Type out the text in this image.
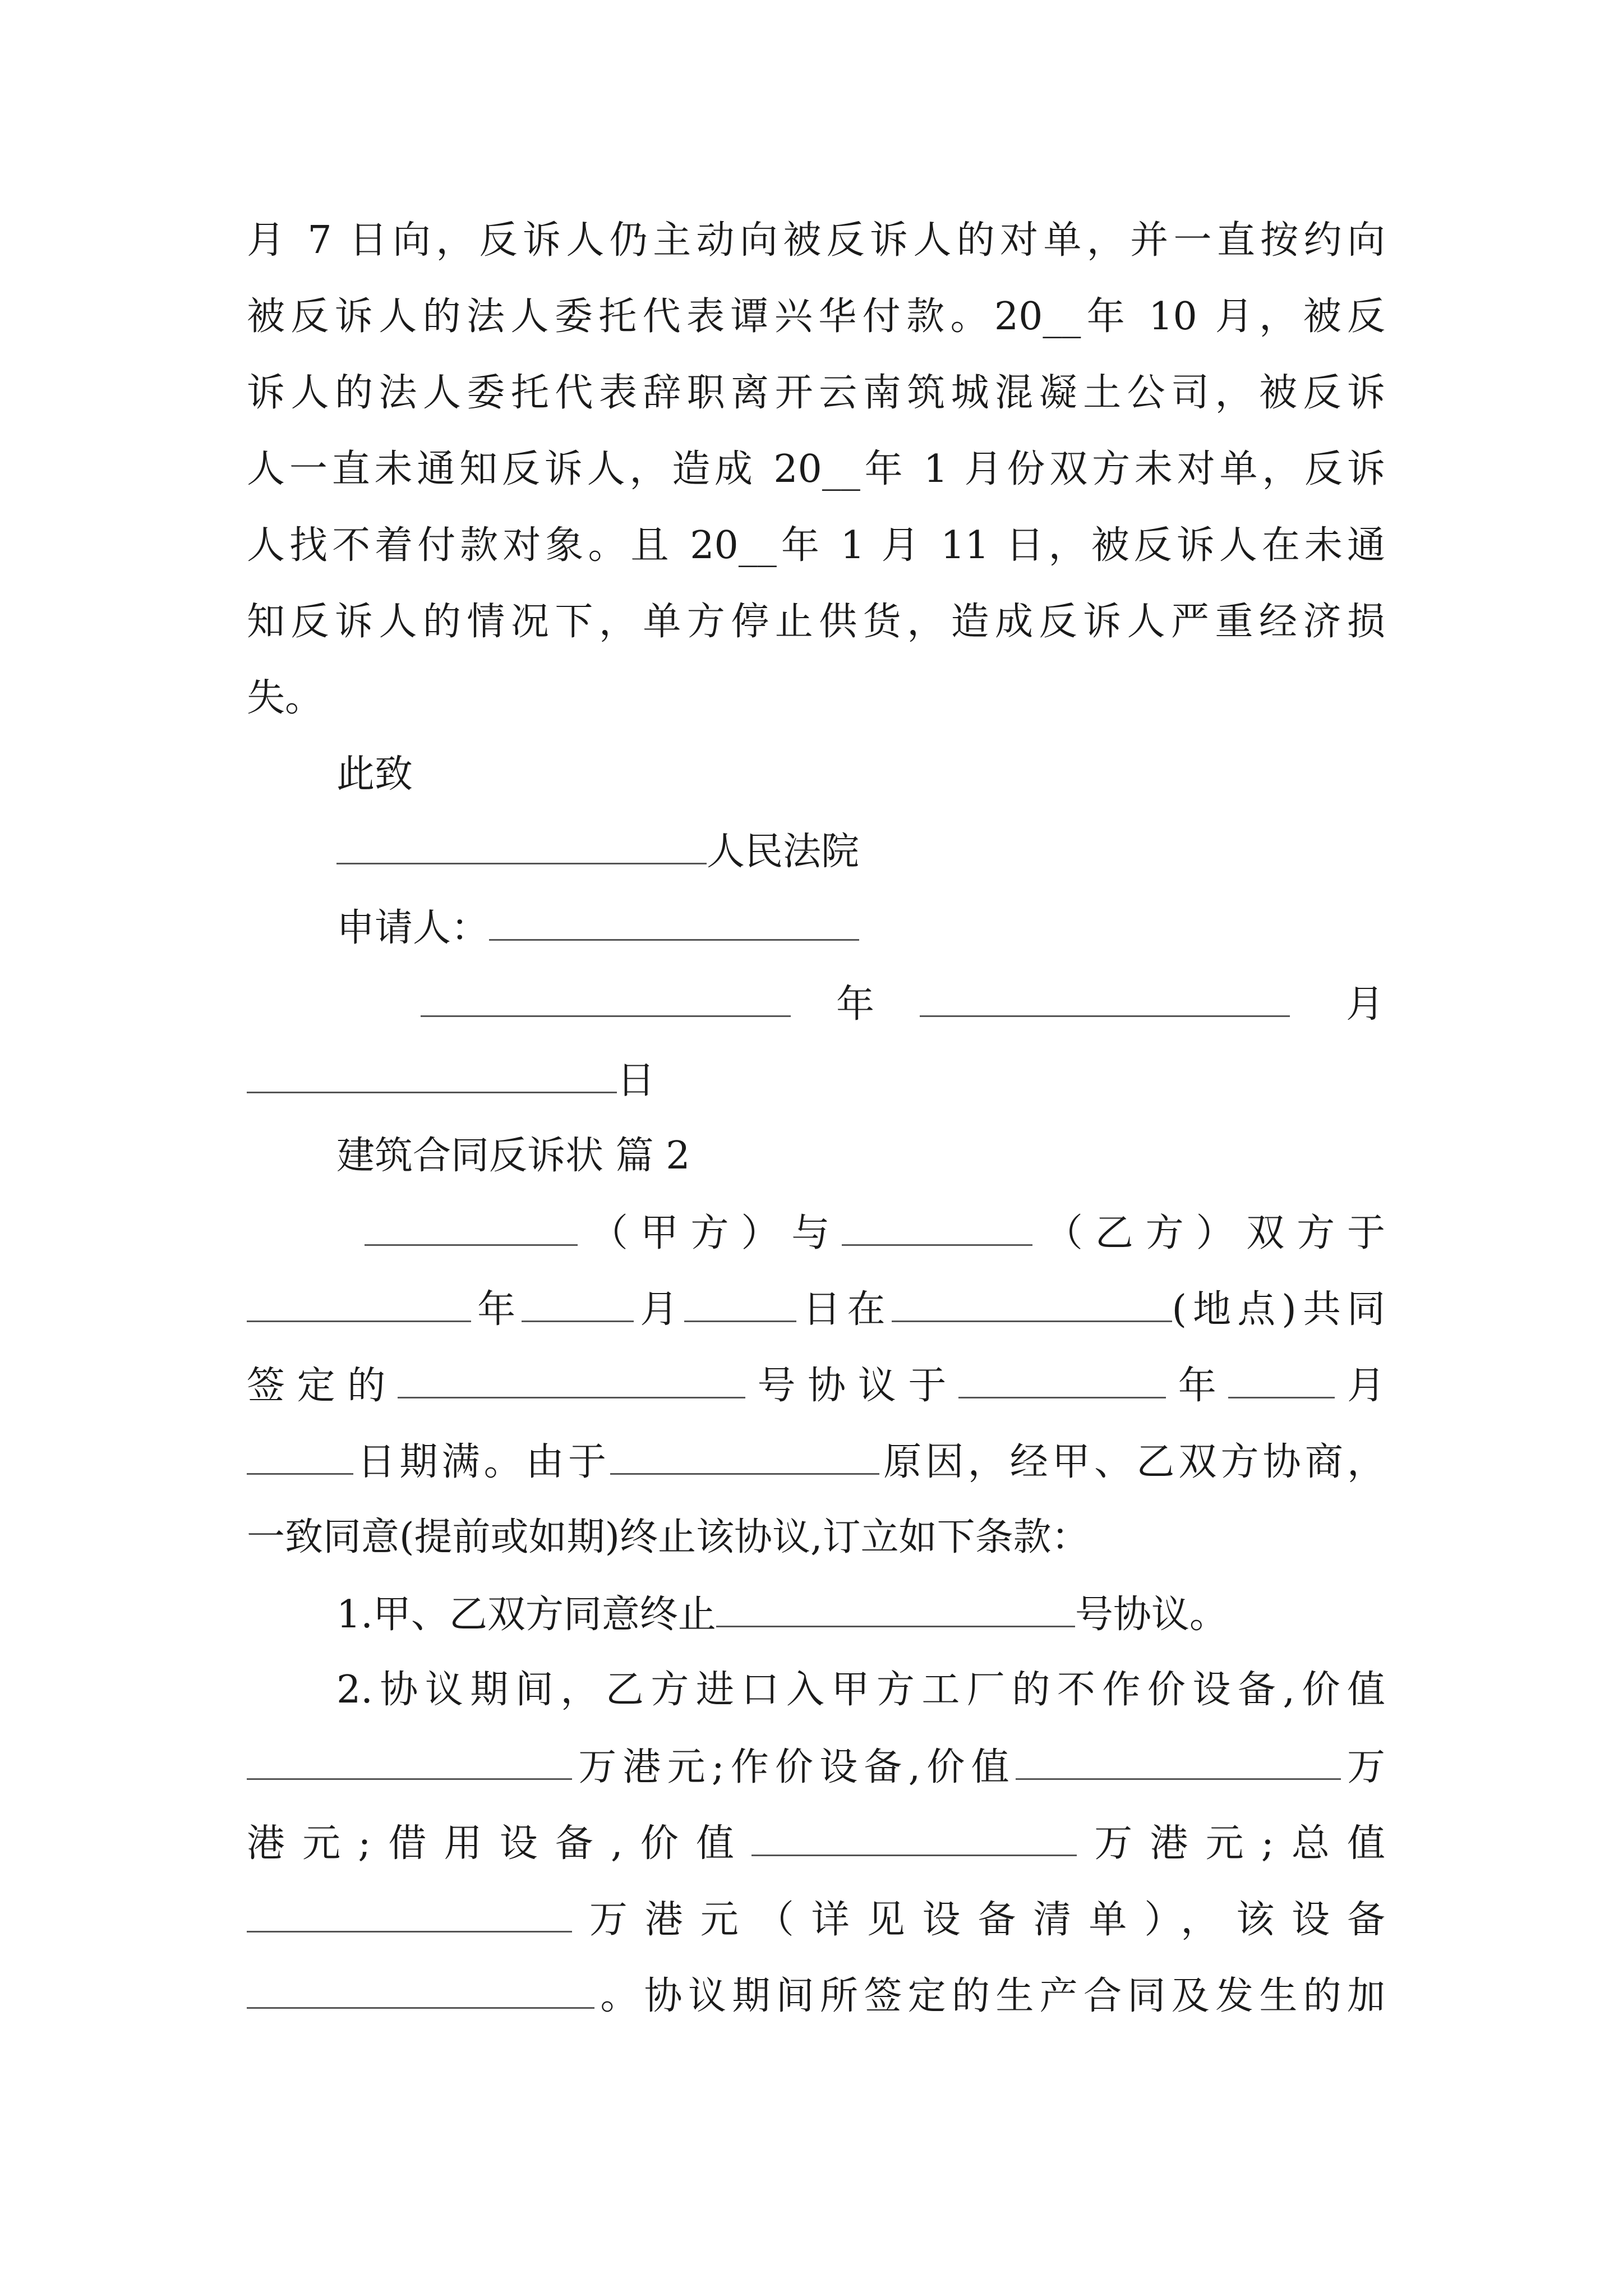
月 7 日向，反诉人仍主动向被反诉人的对单，并一直按约向
被反诉人的法人委托代表谭兴华付款。20__年 10 月，被反
诉人的法人委托代表辞职离开云南筑城混凝土公司，被反诉
人一直未通知反诉人，造成 20__年 1 月份双方未对单，反诉
人找不着付款对象。且 20__年 1 月 11 日，被反诉人在未通
知反诉人的情况下，单方停止供货，造成反诉人严重经济损
失。
此致
人民法院
申请人：
年	月
日
建筑合同反诉状 篇 2
（甲方）与	（乙方）双方于
年	月	日在	(地点)共同
签定的	号协议于	年	月
日期满。由于	原因，经甲、乙双方协商，
一致同意(提前或如期)终止该协议,订立如下条款：
1.甲、乙双方同意终止	号协议。
2.协议期间，乙方进口入甲方工厂的不作价设备,价值
万港元;作价设备,价值	万
港元;借用设备,价值	万港元;总值
万港元（详见设备清单），该设备
。协议期间所签定的生产合同及发生的加
